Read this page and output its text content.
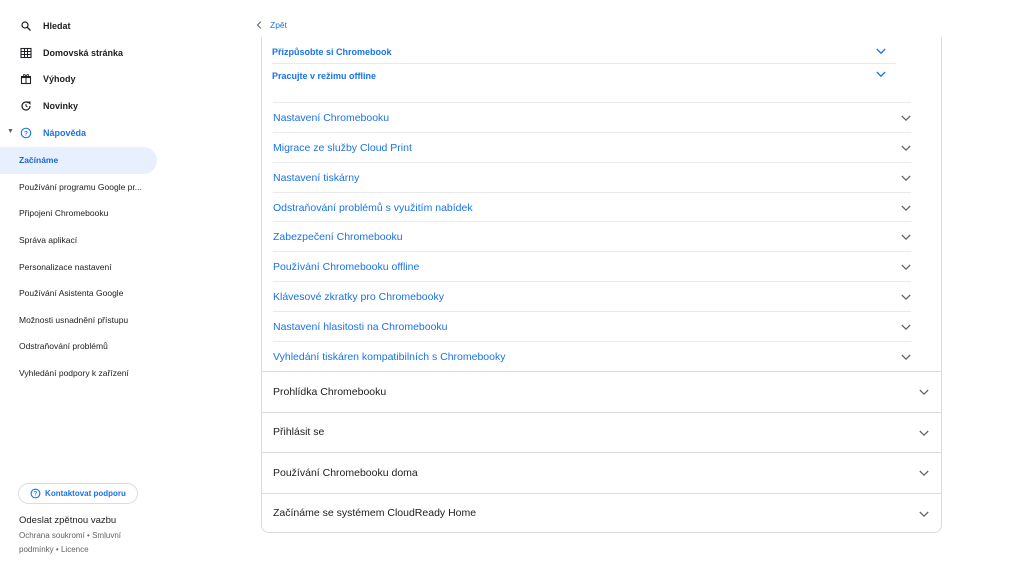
Hledat
Domovská stránka
Výhody
Novinky
▼ ? Nápověda
Začínáme
Používání programu Google pr...
Připojení Chromebooku
Správa aplikací
Personalizace nastavení
Používání Asistenta Google
Možnosti usnadnění přístupu
Odstraňování problémů
Vyhledání podpory k zařízení
? Kontaktovat podporu
Odeslat zpětnou vazbu
Ochrana soukromí • Smluvní podmínky • Licence
Zpět
Přizpůsobte si Chromebook
Pracujte v režimu offline
Nastavení Chromebooku
Migrace ze služby Cloud Print
Nastavení tiskárny
Odstraňování problémů s využitím nabídek
Zabezpečení Chromebooku
Používání Chromebooku offline
Klávesové zkratky pro Chromebooky
Nastavení hlasitosti na Chromebooku
Vyhledání tiskáren kompatibilních s Chromebooky
Prohlídka Chromebooku
Přihlásit se
Používání Chromebooku doma
Začínáme se systémem CloudReady Home
